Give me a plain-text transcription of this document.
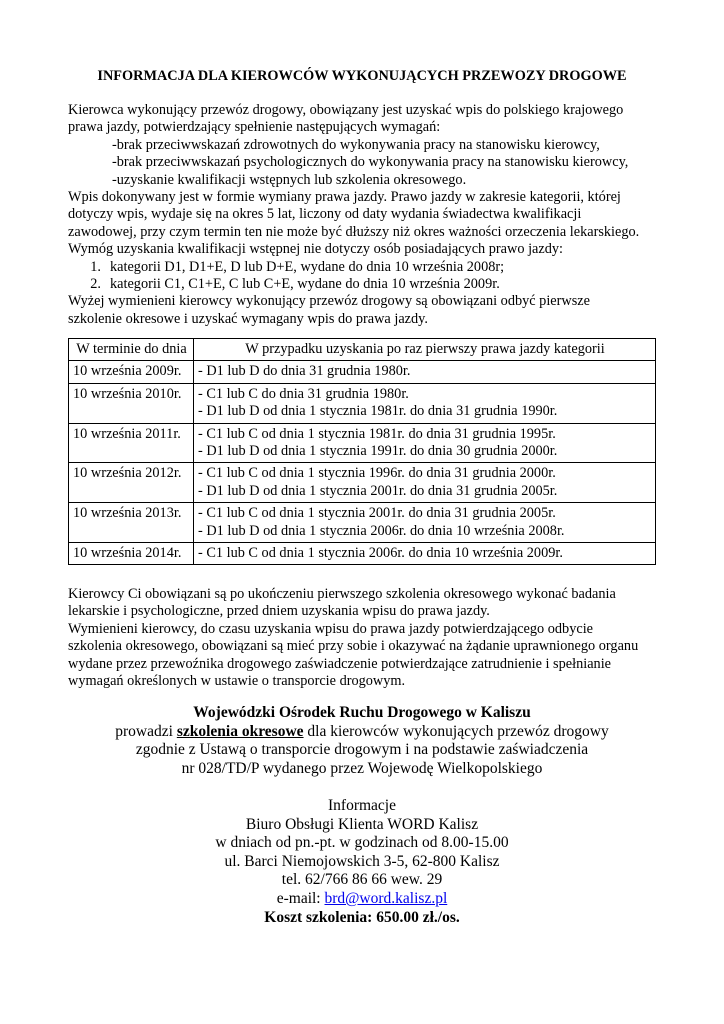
INFORMACJA DLA KIEROWCÓW WYKONUJĄCYCH PRZEWOZY DROGOWE

Kierowca wykonujący przewóz drogowy, obowiązany jest uzyskać wpis do polskiego krajowego

prawa jazdy, potwierdzający spełnienie następujących wymagań:

-brak przeciwwskazań zdrowotnych do wykonywania pracy na stanowisku kierowcy,

-brak przeciwwskazań psychologicznych do wykonywania pracy na stanowisku kierowcy,

-uzyskanie kwalifikacji wstępnych lub szkolenia okresowego.

Wpis dokonywany jest w formie wymiany prawa jazdy. Prawo jazdy w zakresie kategorii, której

dotyczy wpis, wydaje się na okres 5 lat, liczony od daty wydania świadectwa kwalifikacji

zawodowej, przy czym termin ten nie może być dłuższy niż okres ważności orzeczenia lekarskiego.

Wymóg uzyskania kwalifikacji wstępnej nie dotyczy osób posiadających prawo jazdy:

1. kategorii D1, D1+E, D lub D+E, wydane do dnia 10 września 2008r;
2. kategorii C1, C1+E, C lub C+E, wydane do dnia 10 września 2009r.

Wyżej wymienieni kierowcy wykonujący przewóz drogowy są obowiązani odbyć pierwsze

szkolenie okresowe i uzyskać wymagany wpis do prawa jazdy.

W terminie do dnia	W przypadku uzyskania po raz pierwszy prawa jazdy kategorii
10 września 2009r.	- D1 lub D do dnia 31 grudnia 1980r.

10 września 2010r.	- C1 lub C do dnia 31 grudnia 1980r.
- D1 lub D od dnia 1 stycznia 1981r. do dnia 31 grudnia 1990r.

10 września 2011r.	- C1 lub C od dnia 1 stycznia 1981r. do dnia 31 grudnia 1995r.
- D1 lub D od dnia 1 stycznia 1991r. do dnia 30 grudnia 2000r.

10 września 2012r.	- C1 lub C od dnia 1 stycznia 1996r. do dnia 31 grudnia 2000r.
- D1 lub D od dnia 1 stycznia 2001r. do dnia 31 grudnia 2005r.

10 września 2013r.	- C1 lub C od dnia 1 stycznia 2001r. do dnia 31 grudnia 2005r.
- D1 lub D od dnia 1 stycznia 2006r. do dnia 10 września 2008r.

10 września 2014r.	- C1 lub C od dnia 1 stycznia 2006r. do dnia 10 września 2009r.

Kierowcy Ci obowiązani są po ukończeniu pierwszego szkolenia okresowego wykonać badania

lekarskie i psychologiczne, przed dniem uzyskania wpisu do prawa jazdy.

Wymienieni kierowcy, do czasu uzyskania wpisu do prawa jazdy potwierdzającego odbycie

szkolenia okresowego, obowiązani są mieć przy sobie i okazywać na żądanie uprawnionego organu

wydane przez przewoźnika drogowego zaświadczenie potwierdzające zatrudnienie i spełnianie

wymagań określonych w ustawie o transporcie drogowym.

Wojewódzki Ośrodek Ruchu Drogowego w Kaliszu

prowadzi szkolenia okresowe dla kierowców wykonujących przewóz drogowy

zgodnie z Ustawą o transporcie drogowym i na podstawie zaświadczenia

nr 028/TD/P wydanego przez Wojewodę Wielkopolskiego

Informacje

Biuro Obsługi Klienta WORD Kalisz

w dniach od pn.-pt. w godzinach od 8.00-15.00

ul. Barci Niemojowskich 3-5, 62-800 Kalisz

tel. 62/766 86 66 wew. 29

e-mail: brd@word.kalisz.pl

Koszt szkolenia: 650.00 zł./os.
